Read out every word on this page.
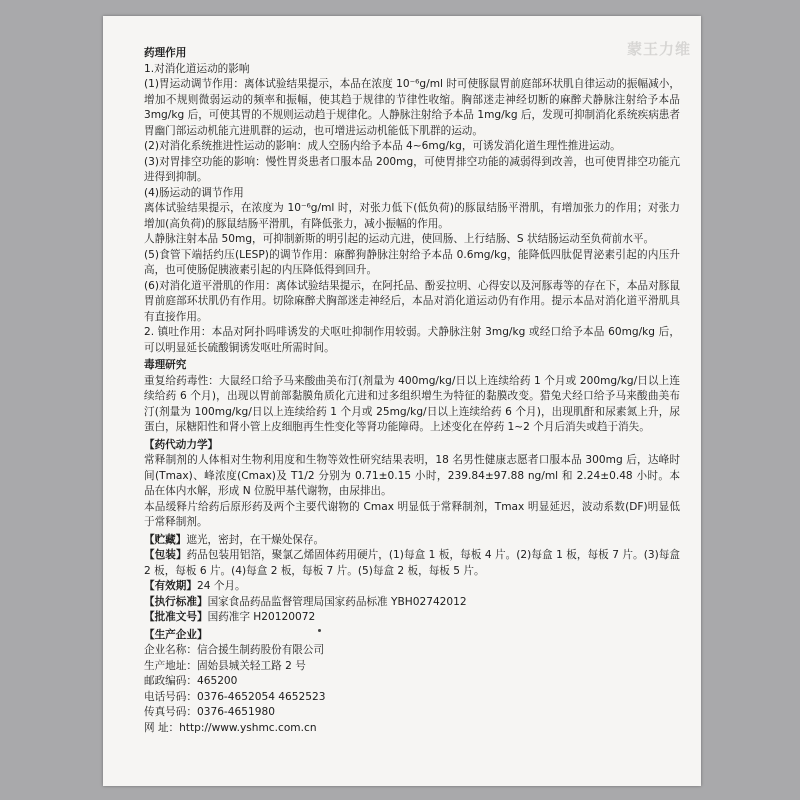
蒙王力维

药理作用

1.对消化道运动的影响

(1)胃运动调节作用：离体试验结果提示，本品在浓度 10⁻⁶g/ml 时可使豚鼠胃前庭部环状肌自律运动的振幅减小，增加不规则微弱运动的频率和振幅，使其趋于规律的节律性收缩。胸部迷走神经切断的麻醉犬静脉注射给予本品 3mg/kg 后，可使其胃的不规则运动趋于规律化。人静脉注射给予本品 1mg/kg 后，发现可抑制消化系统疾病患者胃幽门部运动机能亢进肌群的运动，也可增进运动机能低下肌群的运动。

(2)对消化系统推进性运动的影响：成人空肠内给予本品 4~6mg/kg，可诱发消化道生理性推进运动。

(3)对胃排空功能的影响：慢性胃炎患者口服本品 200mg，可使胃排空功能的减弱得到改善，也可使胃排空功能亢进得到抑制。

(4)肠运动的调节作用

离体试验结果提示，在浓度为 10⁻⁶g/ml 时，对张力低下(低负荷)的豚鼠结肠平滑肌，有增加张力的作用；对张力增加(高负荷)的豚鼠结肠平滑肌，有降低张力，减小振幅的作用。

人静脉注射本品 50mg，可抑制新斯的明引起的运动亢进，使回肠、上行结肠、S 状结肠运动至负荷前水平。

(5)食管下端括约压(LESP)的调节作用：麻醉狗静脉注射给予本品 0.6mg/kg，能降低四肽促胃泌素引起的内压升高，也可使肠促胰液素引起的内压降低得到回升。

(6)对消化道平滑肌的作用：离体试验结果提示，在阿托品、酚妥拉明、心得安以及河豚毒等的存在下，本品对豚鼠胃前庭部环状肌仍有作用。切除麻醉犬胸部迷走神经后，本品对消化道运动仍有作用。提示本品对消化道平滑肌具有直接作用。

2. 镇吐作用：本品对阿扑吗啡诱发的犬呕吐抑制作用较弱。犬静脉注射 3mg/kg 或经口给予本品 60mg/kg 后，可以明显延长硫酸铜诱发呕吐所需时间。

毒理研究

重复给药毒性：大鼠经口给予马来酸曲美布汀(剂量为 400mg/kg/日以上连续给药 1 个月或 200mg/kg/日以上连续给药 6 个月)，出现以胃前部黏膜角质化亢进和过多组织增生为特征的黏膜改变。猎兔犬经口给予马来酸曲美布汀(剂量为 100mg/kg/日以上连续给药 1 个月或 25mg/kg/日以上连续给药 6 个月)，出现肌酐和尿素氮上升，尿蛋白，尿糖阳性和肾小管上皮细胞再生性变化等肾功能障碍。上述变化在停药 1~2 个月后消失或趋于消失。

【药代动力学】

常释制剂的人体相对生物利用度和生物等效性研究结果表明，18 名男性健康志愿者口服本品 300mg 后，达峰时间(Tmax)、峰浓度(Cmax)及 T1/2 分别为 0.71±0.15 小时，239.84±97.88 ng/ml 和 2.24±0.48 小时。本品在体内水解，形成 N 位脱甲基代谢物，由尿排出。

本品缓释片给药后原形药及两个主要代谢物的 Cmax 明显低于常释制剂，Tmax 明显延迟，波动系数(DF)明显低于常释制剂。

【贮藏】遮光，密封，在干燥处保存。

【包装】药品包装用铝箔，聚氯乙烯固体药用硬片，(1)每盒 1 板，每板 4 片。(2)每盒 1 板，每板 7 片。(3)每盒 2 板，每板 6 片。(4)每盒 2 板，每板 7 片。(5)每盒 2 板，每板 5 片。

【有效期】24 个月。

【执行标准】国家食品药品监督管理局国家药品标准 YBH02742012

【批准文号】国药准字 H20120072

【生产企业】

企业名称：信合援生制药股份有限公司

生产地址：固始县城关轻工路 2 号

邮政编码：465200

电话号码：0376-4652054 4652523

传真号码：0376-4651980

网 址：http://www.yshmc.com.cn
